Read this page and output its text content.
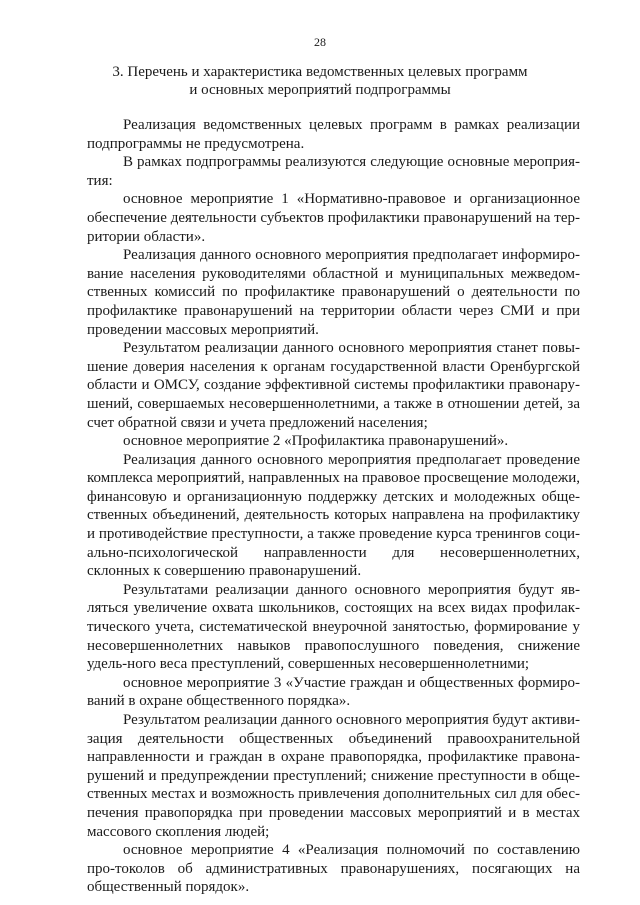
28
3. Перечень и характеристика ведомственных целевых программ
и основных мероприятий подпрограммы

Реализация ведомственных целевых программ в рамках реализации подпрограммы не предусмотрена.

В рамках подпрограммы реализуются следующие основные мероприя-тия:

основное мероприятие 1 «Нормативно-правовое и организационное обеспечение деятельности субъектов профилактики правонарушений на тер-ритории области».

Реализация данного основного мероприятия предполагает информиро-вание населения руководителями областной и муниципальных межведом-ственных комиссий по профилактике правонарушений о деятельности по профилактике правонарушений на территории области через СМИ и при проведении массовых мероприятий.

Результатом реализации данного основного мероприятия станет повы-шение доверия населения к органам государственной власти Оренбургской области и ОМСУ, создание эффективной системы профилактики правонару-шений, совершаемых несовершеннолетними, а также в отношении детей, за счет обратной связи и учета предложений населения;

основное мероприятие 2 «Профилактика правонарушений».

Реализация данного основного мероприятия предполагает проведение комплекса мероприятий, направленных на правовое просвещение молодежи, финансовую и организационную поддержку детских и молодежных обще-ственных объединений, деятельность которых направлена на профилактику и противодействие преступности, а также проведение курса тренингов соци-ально-психологической направленности для несовершеннолетних, склонных к совершению правонарушений.

Результатами реализации данного основного мероприятия будут яв-ляться увеличение охвата школьников, состоящих на всех видах профилак-тического учета, систематической внеурочной занятостью, формирование у несовершеннолетних навыков правопослушного поведения, снижение удель-ного веса преступлений, совершенных несовершеннолетними;

основное мероприятие 3 «Участие граждан и общественных формиро-ваний в охране общественного порядка».

Результатом реализации данного основного мероприятия будут активи-зация деятельности общественных объединений правоохранительной направленности и граждан в охране правопорядка, профилактике правона-рушений и предупреждении преступлений; снижение преступности в обще-ственных местах и возможность привлечения дополнительных сил для обес-печения правопорядка при проведении массовых мероприятий и в местах массового скопления людей;

основное мероприятие 4 «Реализация полномочий по составлению про-токолов об административных правонарушениях, посягающих на общественный порядок».
